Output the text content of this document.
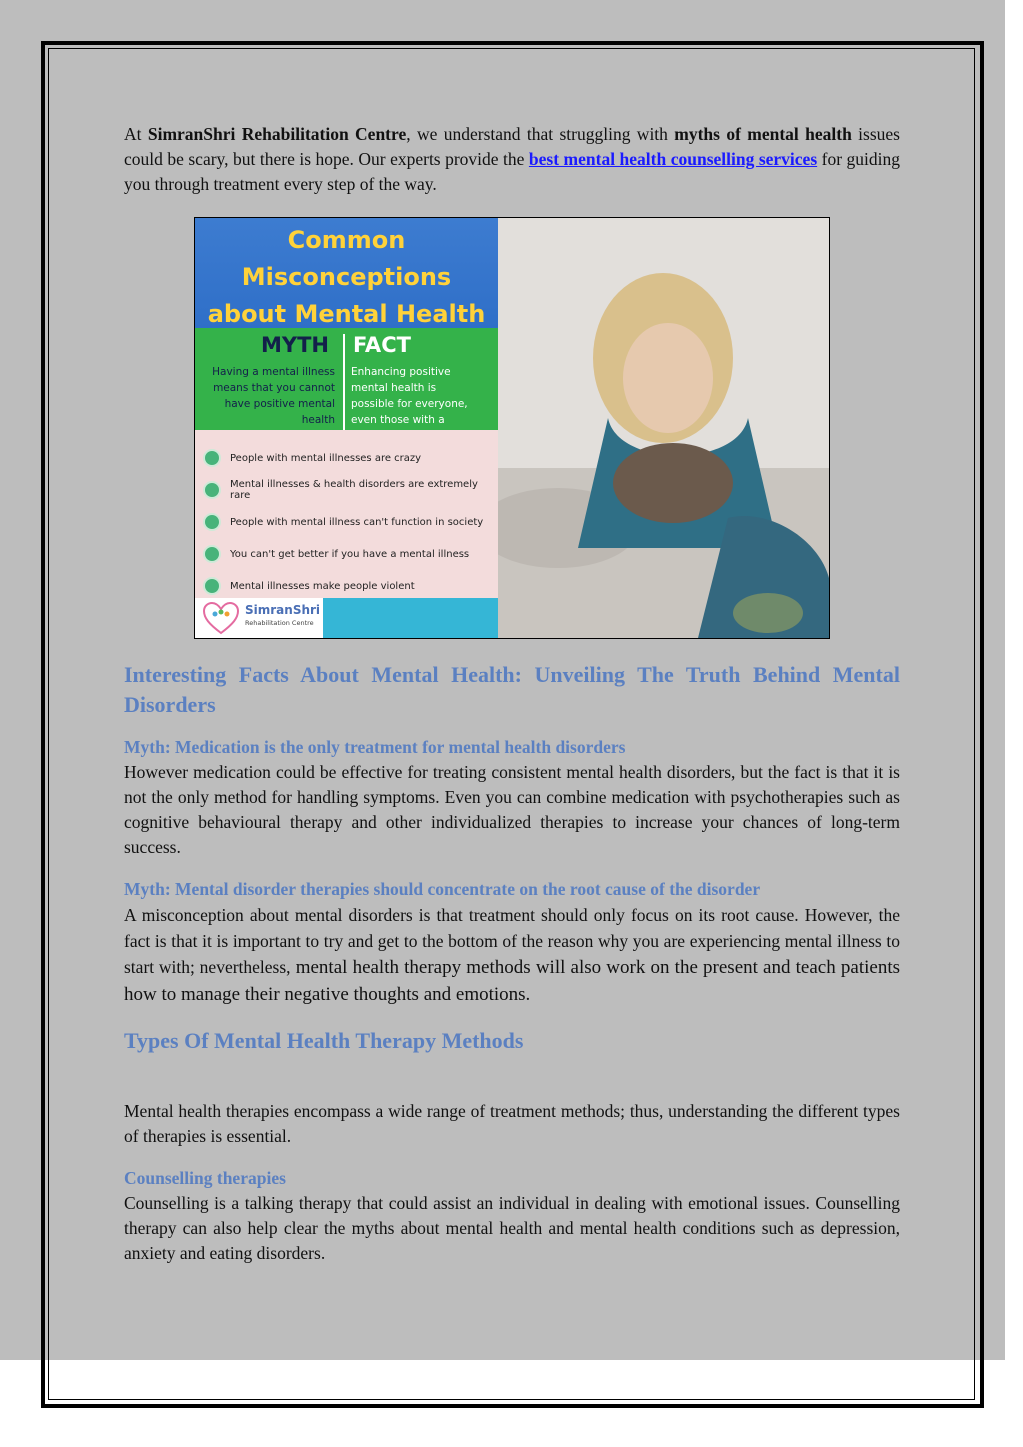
At SimranShri Rehabilitation Centre, we understand that struggling with myths of mental health issues could be scary, but there is hope. Our experts provide the best mental health counselling services for guiding you through treatment every step of the way.

Common
Misconceptions
about Mental Health
MYTH FACT
Having a mental illness means that you cannot have positive mental health
Enhancing positive mental health is possible for everyone, even those with a
People with mental illnesses are crazy
Mental illnesses & health disorders are extremely rare
People with mental illness can't function in society
You can't get better if you have a mental illness
Mental illnesses make people violent
SimranShri
Rehabilitation Centre
Interesting Facts About Mental Health: Unveiling The Truth Behind Mental Disorders
Myth: Medication is the only treatment for mental health disorders

However medication could be effective for treating consistent mental health disorders, but the fact is that it is not the only method for handling symptoms. Even you can combine medication with psychotherapies such as cognitive behavioural therapy and other individualized therapies to increase your chances of long-term success.

Myth: Mental disorder therapies should concentrate on the root cause of the disorder

A misconception about mental disorders is that treatment should only focus on its root cause. However, the fact is that it is important to try and get to the bottom of the reason why you are experiencing mental illness to start with; nevertheless, mental health therapy methods will also work on the present and teach patients how to manage their negative thoughts and emotions.

Types Of Mental Health Therapy Methods

Mental health therapies encompass a wide range of treatment methods; thus, understanding the different types of therapies is essential.

Counselling therapies

Counselling is a talking therapy that could assist an individual in dealing with emotional issues. Counselling therapy can also help clear the myths about mental health and mental health conditions such as depression, anxiety and eating disorders.
